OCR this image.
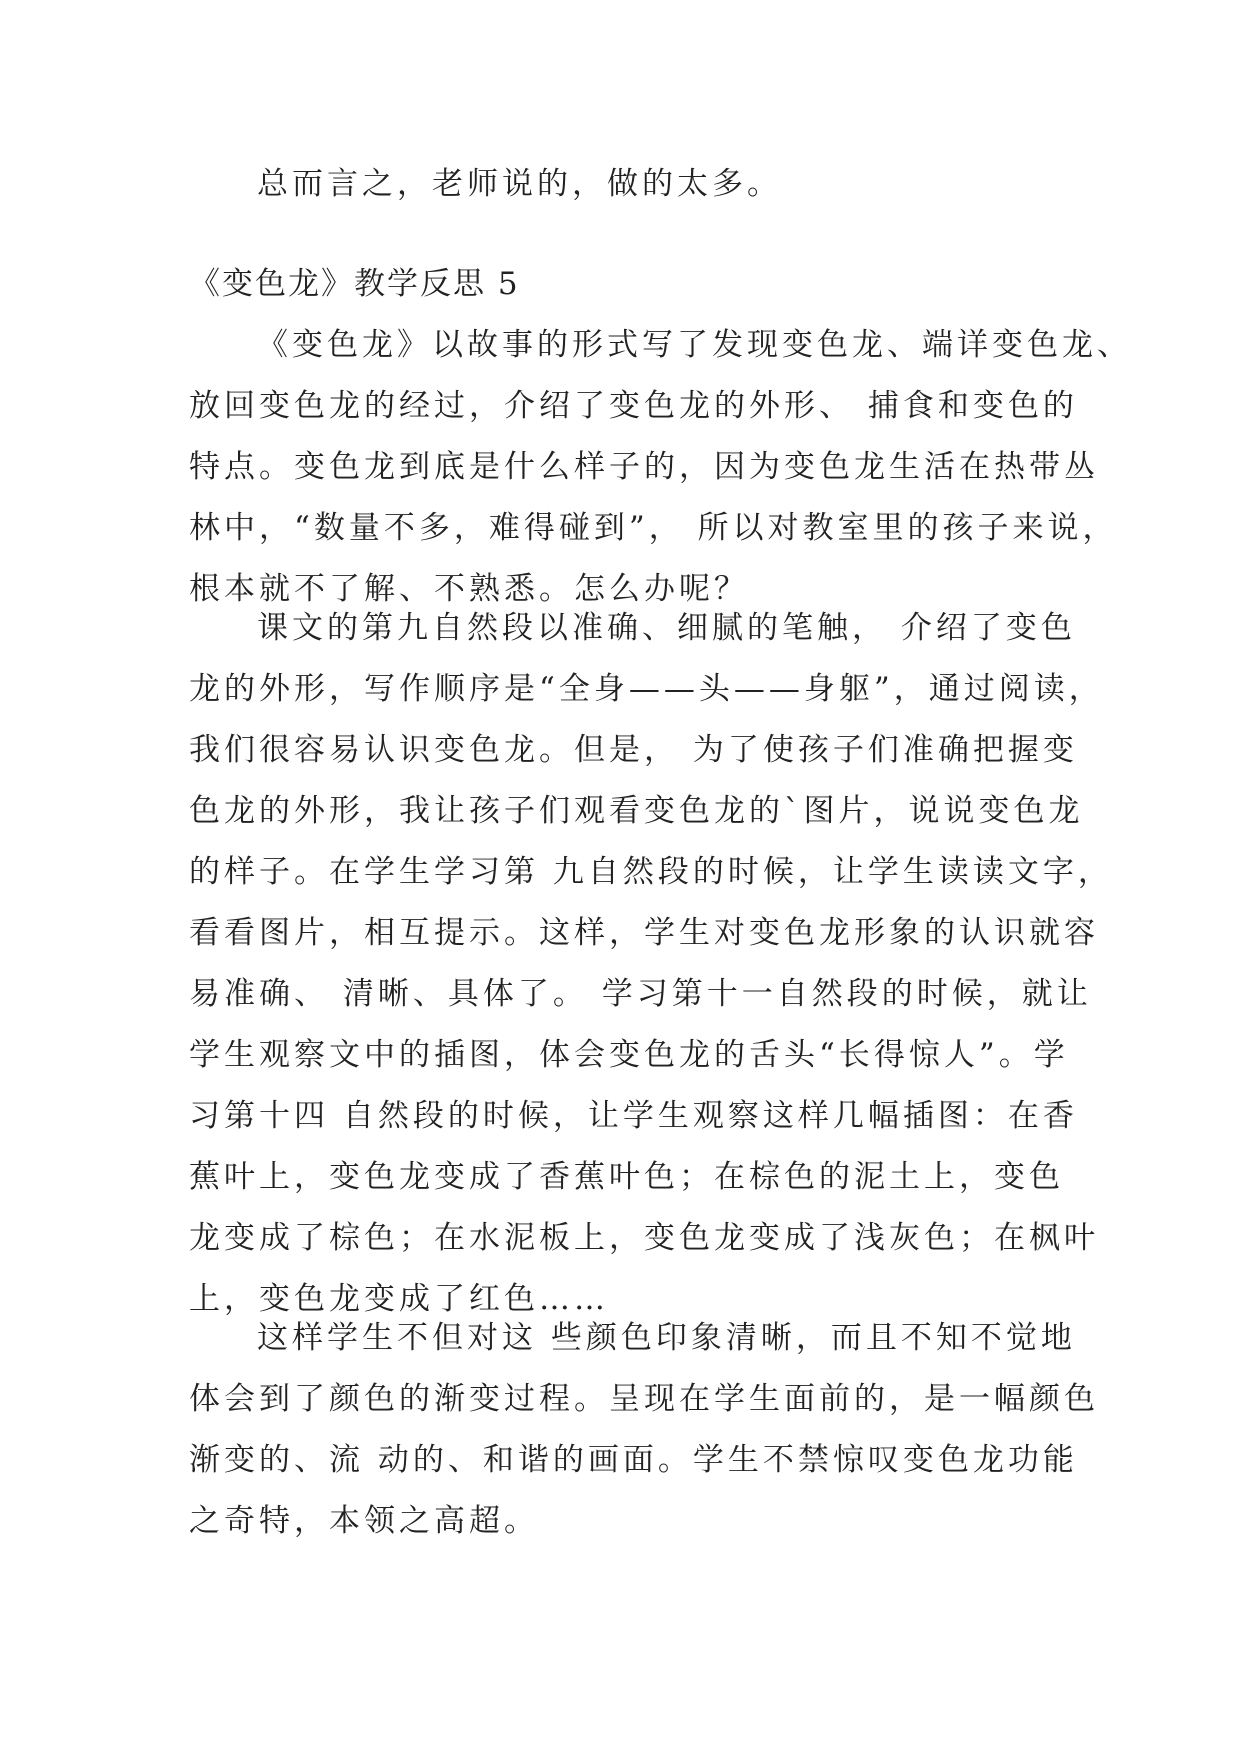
总而言之，老师说的，做的太多。

《变色龙》教学反思 5

《变色龙》以故事的形式写了发现变色龙、端详变色龙、
放回变色龙的经过，介绍了变色龙的外形、 捕食和变色的
特点。变色龙到底是什么样子的，因为变色龙生活在热带丛
林中，“数量不多，难得碰到”， 所以对教室里的孩子来说，
根本就不了解、不熟悉。怎么办呢？

课文的第九自然段以准确、细腻的笔触， 介绍了变色
龙的外形，写作顺序是“全身——头——身躯”，通过阅读，
我们很容易认识变色龙。但是， 为了使孩子们准确把握变
色龙的外形，我让孩子们观看变色龙的`图片，说说变色龙
的样子。在学生学习第 九自然段的时候，让学生读读文字，
看看图片，相互提示。这样，学生对变色龙形象的认识就容
易准确、 清晰、具体了。 学习第十一自然段的时候，就让
学生观察文中的插图，体会变色龙的舌头“长得惊人”。学
习第十四 自然段的时候，让学生观察这样几幅插图：在香
蕉叶上，变色龙变成了香蕉叶色；在棕色的泥土上，变色
龙变成了棕色；在水泥板上，变色龙变成了浅灰色；在枫叶
上，变色龙变成了红色……

这样学生不但对这 些颜色印象清晰，而且不知不觉地
体会到了颜色的渐变过程。呈现在学生面前的，是一幅颜色
渐变的、流 动的、和谐的画面。学生不禁惊叹变色龙功能
之奇特，本领之高超。
